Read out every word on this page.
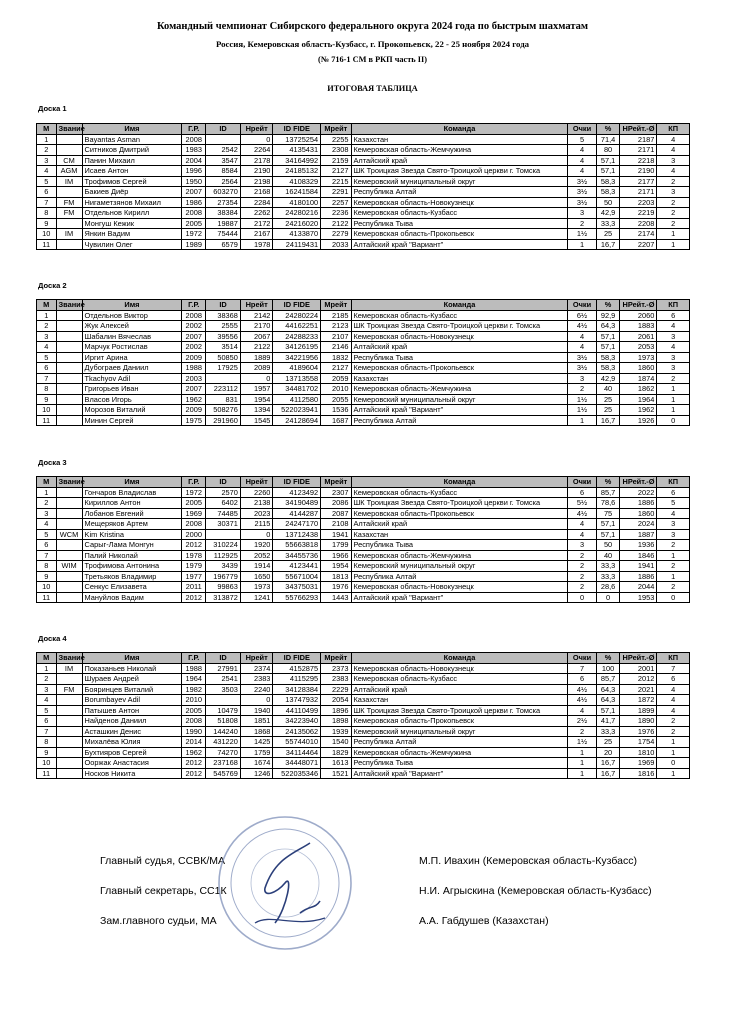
Командный чемпионат Сибирского федерального округа 2024 года по быстрым шахматам
Россия, Кемеровская область-Кузбасс, г. Прокопьевск, 22 - 25 ноября 2024 года
(№ 716-1 СМ в РКП часть II)
ИТОГОВАЯ ТАБЛИЦА
Доска 1
М	Звание	Имя	Г.Р.	ID	Нрейт	ID FIDE	Мрейт	Команда	Очки	%	НРейт.-Ø	КП
1		Bayantas Asman	2008		0	13725254	2255	Казахстан	5	71,4	2187	4
2		Ситников Дмитрий	1983	2542	2264	4135431	2308	Кемеровская область-Жемчужина	4	80	2171	4
3	CM	Панин Михаил	2004	3547	2178	34164992	2159	Алтайский край	4	57,1	2218	3
4	AGM	Исаев Антон	1996	8584	2190	24185132	2127	ШК Троицкая Звезда Свято-Троицкой церкви г. Томска	4	57,1	2190	4
5	IM	Трофимов Сергей	1950	2564	2198	4108329	2215	Кемеровский муниципальный округ	3½	58,3	2177	2
6		Бакиев Диёр	2007	603270	2168	16241584	2291	Республика Алтай	3½	58,3	2171	3
7	FM	Нигаметзянов Михаил	1986	27354	2284	4180100	2257	Кемеровская область-Новокузнецк	3½	50	2203	2
8	FM	Отдельнов Кирилл	2008	38384	2262	24280216	2236	Кемеровская область-Кузбасс	3	42,9	2219	2
9		Монгуш Кежик	2005	19887	2172	24216020	2122	Республика Тыва	2	33,3	2208	2
10	IM	Янкин Вадим	1972	75444	2167	4133870	2279	Кемеровская область-Прокопьевск	1½	25	2174	1
11		Чувилин Олег	1989	6579	1978	24119431	2033	Алтайский край "Вариант"	1	16,7	2207	1
Доска 2
М	Звание	Имя	Г.Р.	ID	Нрейт	ID FIDE	Мрейт	Команда	Очки	%	НРейт.-Ø	КП
1		Отдельнов Виктор	2008	38368	2142	24280224	2185	Кемеровская область-Кузбасс	6½	92,9	2060	6
2		Жук Алексей	2002	2555	2170	44162251	2123	ШК Троицкая Звезда Свято-Троицкой церкви г. Томска	4½	64,3	1883	4
3		Шабалин Вячеслав	2007	39556	2067	24288233	2107	Кемеровская область-Новокузнецк	4	57,1	2061	3
4		Марчук Ростислав	2002	3514	2122	34126195	2146	Алтайский край	4	57,1	2053	4
5		Иргит Арина	2009	50850	1889	34221956	1832	Республика Тыва	3½	58,3	1973	3
6		Дубограев Даниил	1988	17925	2089	4189604	2127	Кемеровская область-Прокопьевск	3½	58,3	1860	3
7		Tkachyov Adil	2003		0	13713558	2059	Казахстан	3	42,9	1874	2
8		Григорьев Иван	2007	223112	1957	34481702	2010	Кемеровская область-Жемчужина	2	40	1862	1
9		Власов Игорь	1962	831	1954	4112580	2055	Кемеровский муниципальный округ	1½	25	1964	1
10		Морозов Виталий	2009	508276	1394	522023941	1536	Алтайский край "Вариант"	1½	25	1962	1
11		Минин Сергей	1975	291960	1545	24128694	1687	Республика Алтай	1	16,7	1926	0
Доска 3
М	Звание	Имя	Г.Р.	ID	Нрейт	ID FIDE	Мрейт	Команда	Очки	%	НРейт.-Ø	КП
1		Гончаров Владислав	1972	2570	2260	4123492	2307	Кемеровская область-Кузбасс	6	85,7	2022	6
2		Кириллов Антон	2005	6402	2138	34190489	2086	ШК Троицкая Звезда Свято-Троицкой церкви г. Томска	5½	78,6	1886	5
3		Лобанов Евгений	1969	74485	2023	4144287	2087	Кемеровская область-Прокопьевск	4½	75	1860	4
4		Мещеряков Артем	2008	30371	2115	24247170	2108	Алтайский край	4	57,1	2024	3
5	WCM	Kim Kristina	2000		0	13712438	1941	Казахстан	4	57,1	1887	3
6		Сарыг-Лама Монгун	2012	310224	1920	55663818	1799	Республика Тыва	3	50	1936	2
7		Палий Николай	1978	112925	2052	34455736	1966	Кемеровская область-Жемчужина	2	40	1846	1
8	WIM	Трофимова Антонина	1979	3439	1914	4123441	1954	Кемеровский муниципальный округ	2	33,3	1941	2
9		Третьяков Владимир	1977	196779	1650	55671004	1813	Республика Алтай	2	33,3	1886	1
10		Сенкус Елизавета	2011	99863	1973	34375031	1976	Кемеровская область-Новокузнецк	2	28,6	2044	2
11		Мануйлов Вадим	2012	313872	1241	55766293	1443	Алтайский край "Вариант"	0	0	1953	0
Доска 4
М	Звание	Имя	Г.Р.	ID	Нрейт	ID FIDE	Мрейт	Команда	Очки	%	НРейт.-Ø	КП
1	IM	Показаньев Николай	1988	27991	2374	4152875	2373	Кемеровская область-Новокузнецк	7	100	2001	7
2		Шураев Андрей	1964	2541	2383	4115295	2383	Кемеровская область-Кузбасс	6	85,7	2012	6
3	FM	Бояринцев Виталий	1982	3503	2240	34128384	2229	Алтайский край	4½	64,3	2021	4
4		Borumbayev Adil	2010		0	13747932	2054	Казахстан	4½	64,3	1872	4
5		Патышев Антон	2005	10479	1940	44110499	1896	ШК Троицкая Звезда Свято-Троицкой церкви г. Томска	4	57,1	1899	4
6		Найденов Даниил	2008	51808	1851	34223940	1898	Кемеровская область-Прокопьевск	2½	41,7	1890	2
7		Асташкин Денис	1990	144240	1868	24135062	1939	Кемеровский муниципальный округ	2	33,3	1976	2
8		Михалёва Юлия	2014	431220	1425	55744010	1540	Республика Алтай	1½	25	1754	1
9		Бухтияров Сергей	1962	74270	1759	34114464	1829	Кемеровская область-Жемчужина	1	20	1810	1
10		Ооржак Анастасия	2012	237168	1674	34448071	1613	Республика Тыва	1	16,7	1969	0
11		Носков Никита	2012	545769	1246	522035346	1521	Алтайский край "Вариант"	1	16,7	1816	1
Главный судья, ССВК/МА
Главный секретарь, СС1К
Зам.главного судьи, МА
М.П. Ивахин (Кемеровская область-Кузбасс)
Н.И. Агрыскина (Кемеровская область-Кузбасс)
А.А. Габдушев (Казахстан)
